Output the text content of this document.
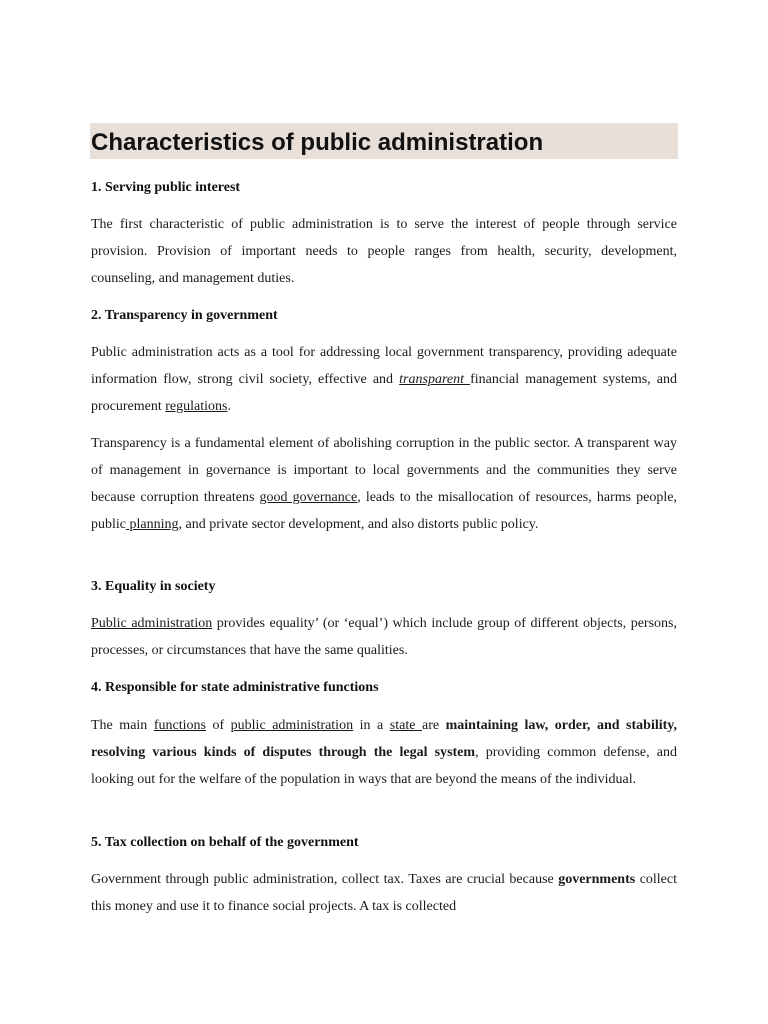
Characteristics of public administration
1. Serving public interest

The first characteristic of public administration is to serve the interest of people through service provision. Provision of important needs to people ranges from health, security, development, counseling, and management duties.

2. Transparency in government

Public administration acts as a tool for addressing local government transparency, providing adequate information flow, strong civil society, effective and transparent financial management systems, and procurement regulations.

Transparency is a fundamental element of abolishing corruption in the public sector. A transparent way of management in governance is important to local governments and the communities they serve because corruption threatens good governance, leads to the misallocation of resources, harms people, public planning, and private sector development, and also distorts public policy.

3. Equality in society

Public administration provides equality’ (or ‘equal’) which include group of different objects, persons, processes, or circumstances that have the same qualities.

4. Responsible for state administrative functions

The main functions of public administration in a state are maintaining law, order, and stability, resolving various kinds of disputes through the legal system, providing common defense, and looking out for the welfare of the population in ways that are beyond the means of the individual.

5. Tax collection on behalf of the government

Government through public administration, collect tax. Taxes are crucial because governments collect this money and use it to finance social projects. A tax is collected
